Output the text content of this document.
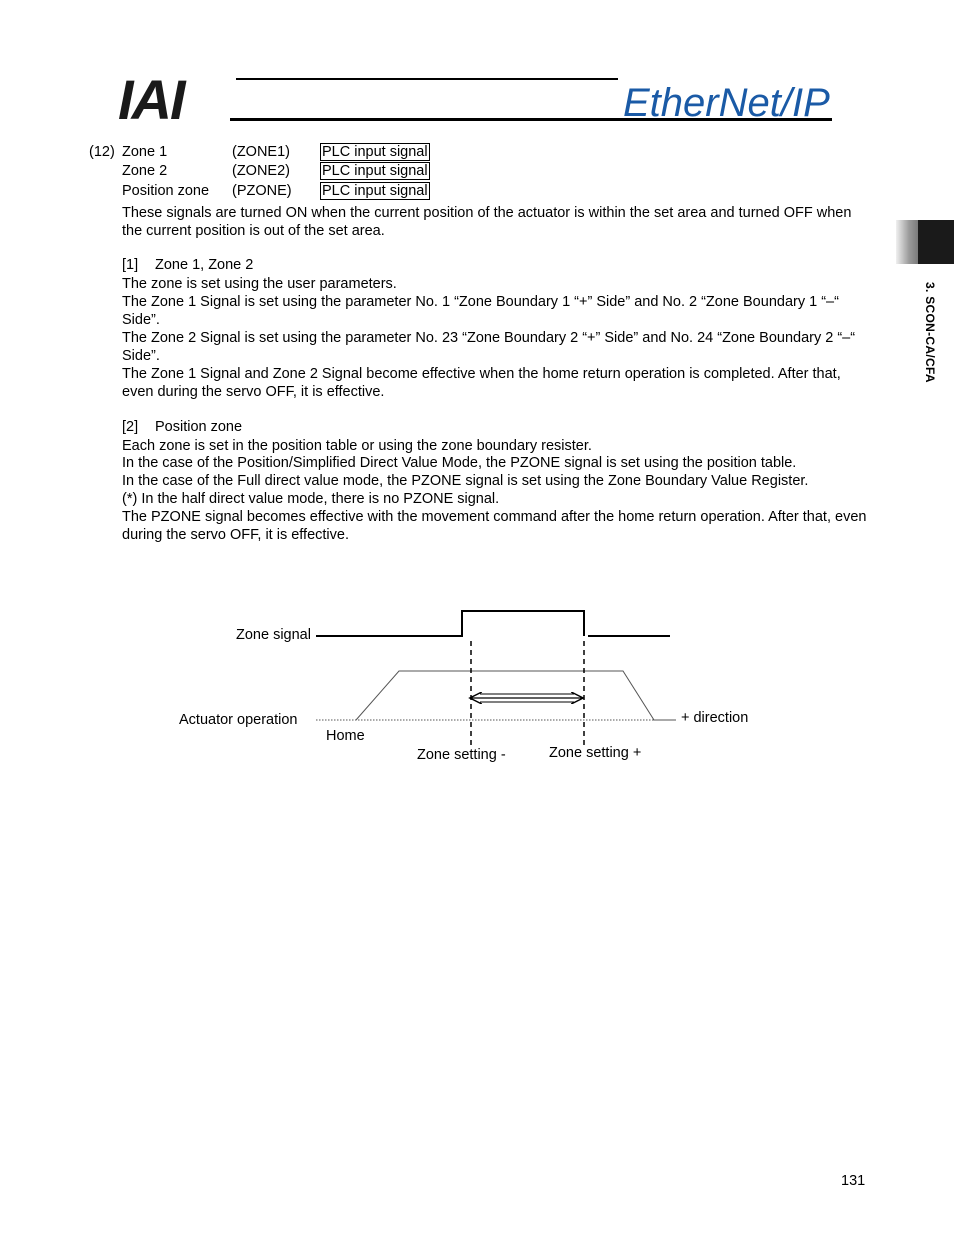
IAI	EtherNet/IP
(12) Zone 1	(ZONE1) PLC input signal
Zone 2	(ZONE2) PLC input signal
Position zone (PZONE) PLC input signal
These signals are turned ON when the current position of the actuator is within the set area and turned OFF when the current position is out of the set area.
[1] Zone 1, Zone 2
The zone is set using the user parameters.
The Zone 1 Signal is set using the parameter No. 1 “Zone Boundary 1 “+” Side” and No. 2 “Zone Boundary 1 “–“ Side”.
The Zone 2 Signal is set using the parameter No. 23 “Zone Boundary 2 “+” Side” and No. 24 “Zone Boundary 2 “–“ Side”.
The Zone 1 Signal and Zone 2 Signal become effective when the home return operation is completed. After that, even during the servo OFF, it is effective.
[2] Position zone
Each zone is set in the position table or using the zone boundary resister.
In the case of the Position/Simplified Direct Value Mode, the PZONE signal is set using the position table.
In the case of the Full direct value mode, the PZONE signal is set using the Zone Boundary Value Register.
(*) In the half direct value mode, there is no PZONE signal.
The PZONE signal becomes effective with the movement command after the home return operation. After that, even during the servo OFF, it is effective.
Zone signal
Actuator operation
Home
+ direction
Zone setting -	Zone setting +
3. SCON-CA/CFA
131
